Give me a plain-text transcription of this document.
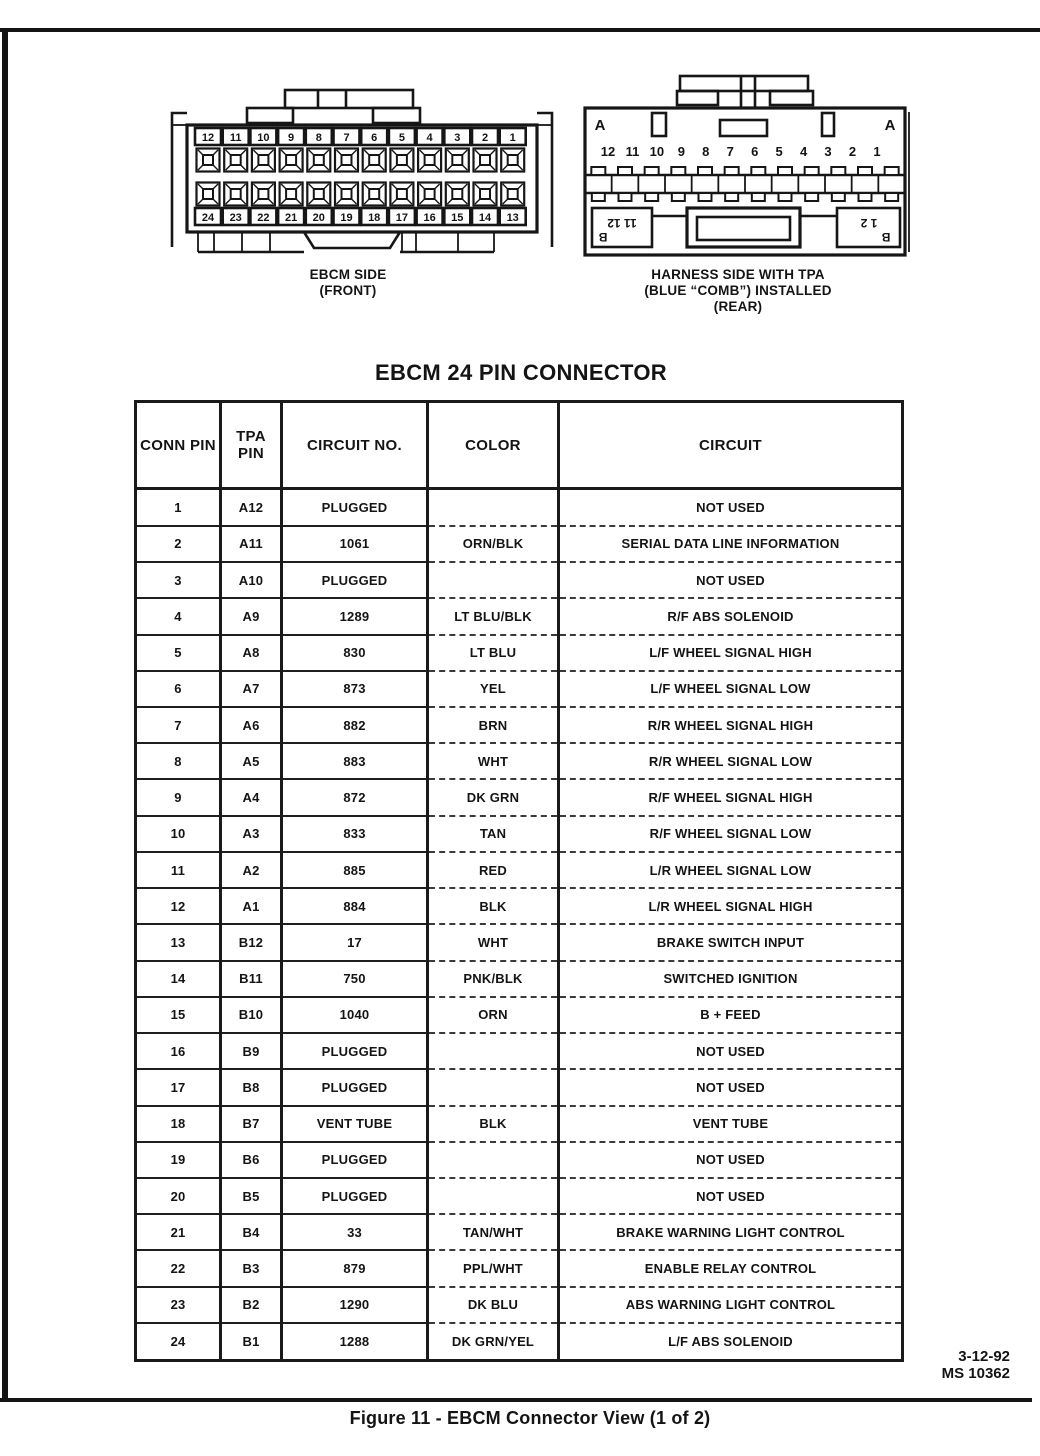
12 11 10 9 8 7 6 5 4 3 2 1
24 23 22 21 20 19 18 17 16 15 14 13
EBCM SIDE
(FRONT)
12 11 10 9 8 7 6 5 4 3 2 1
A	A
11 12
B
1 2
B
HARNESS SIDE WITH TPA
(BLUE “COMB”) INSTALLED
(REAR)
EBCM 24 PIN CONNECTOR
CONN PIN	TPA PIN	CIRCUIT NO.	COLOR	CIRCUIT
1	A12	PLUGGED		NOT USED
2	A11	1061	ORN/BLK	SERIAL DATA LINE INFORMATION
3	A10	PLUGGED		NOT USED
4	A9	1289	LT BLU/BLK	R/F ABS SOLENOID
5	A8	830	LT BLU	L/F WHEEL SIGNAL HIGH
6	A7	873	YEL	L/F WHEEL SIGNAL LOW
7	A6	882	BRN	R/R WHEEL SIGNAL HIGH
8	A5	883	WHT	R/R WHEEL SIGNAL LOW
9	A4	872	DK GRN	R/F WHEEL SIGNAL HIGH
10	A3	833	TAN	R/F WHEEL SIGNAL LOW
11	A2	885	RED	L/R WHEEL SIGNAL LOW
12	A1	884	BLK	L/R WHEEL SIGNAL HIGH
13	B12	17	WHT	BRAKE SWITCH INPUT
14	B11	750	PNK/BLK	SWITCHED IGNITION
15	B10	1040	ORN	B + FEED
16	B9	PLUGGED		NOT USED
17	B8	PLUGGED		NOT USED
18	B7	VENT TUBE	BLK	VENT TUBE
19	B6	PLUGGED		NOT USED
20	B5	PLUGGED		NOT USED
21	B4	33	TAN/WHT	BRAKE WARNING LIGHT CONTROL
22	B3	879	PPL/WHT	ENABLE RELAY CONTROL
23	B2	1290	DK BLU	ABS WARNING LIGHT CONTROL
24	B1	1288	DK GRN/YEL	L/F ABS SOLENOID
3-12-92
MS 10362
Figure 11 - EBCM Connector View (1 of 2)
